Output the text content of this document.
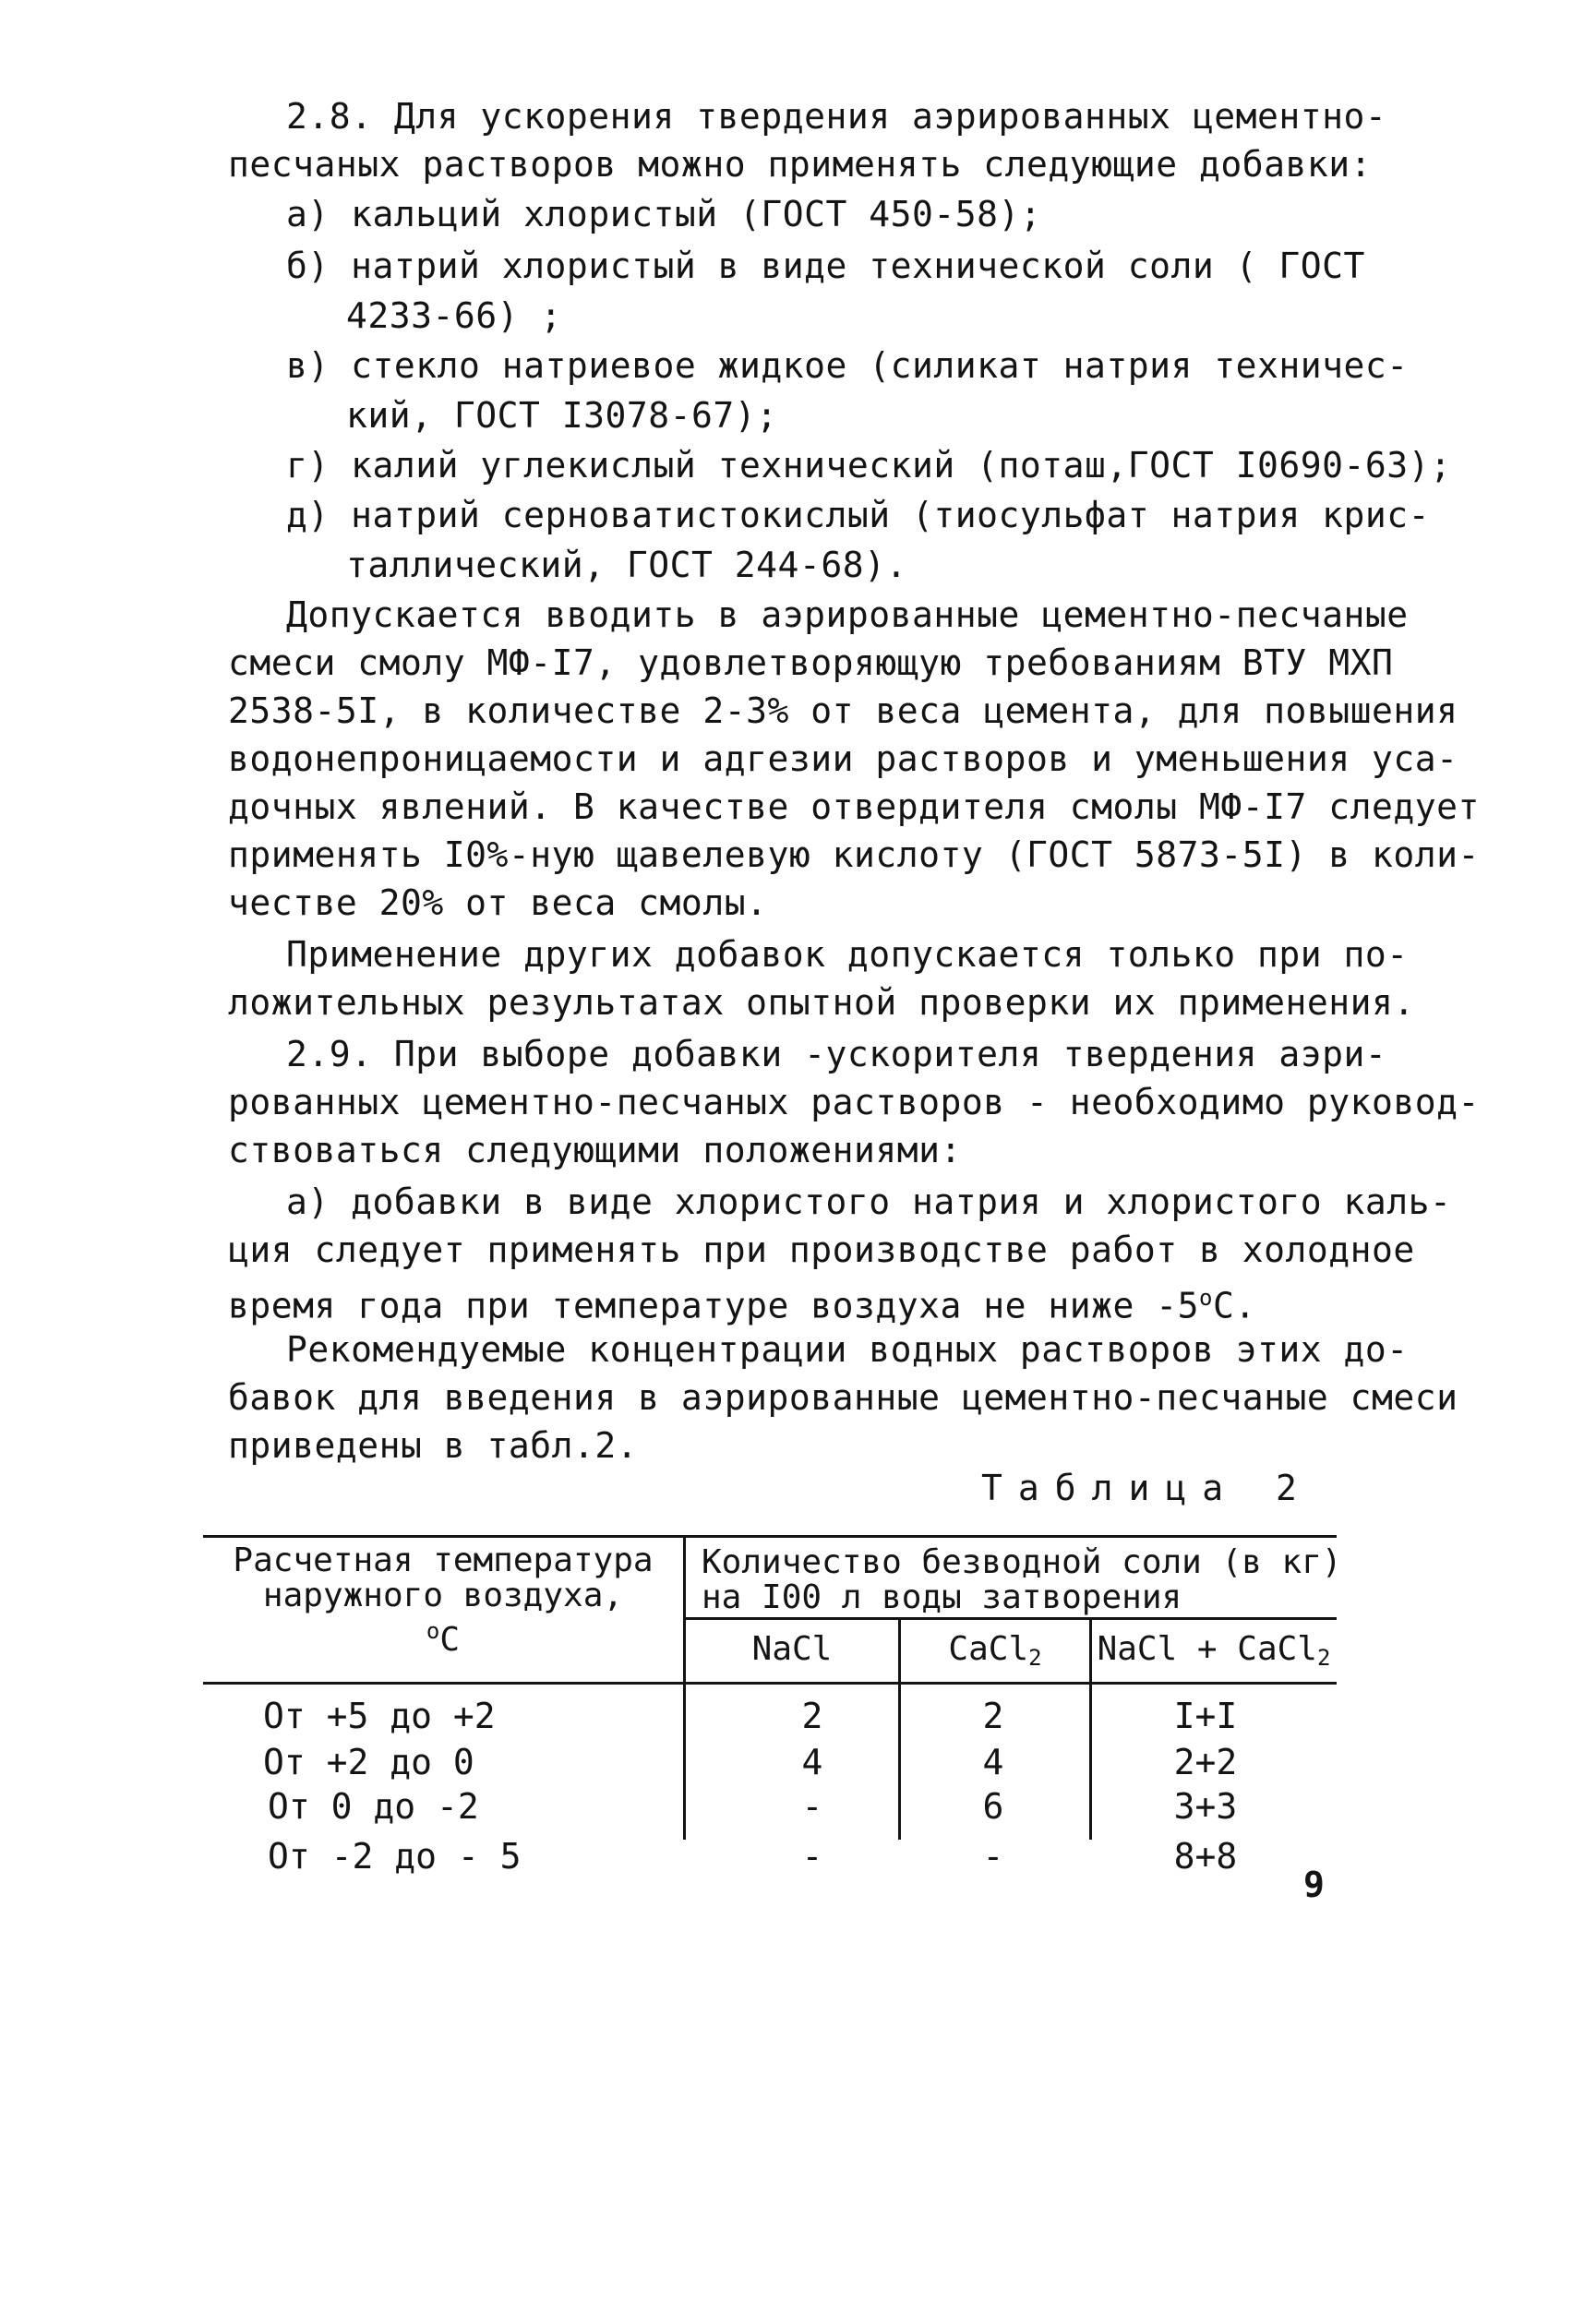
2.8. Для ускорения твердения аэрированных цементно-
песчаных растворов можно применять следующие добавки:
а) кальций хлористый (ГОСТ 450-58);
б) натрий хлористый в виде технической соли ( ГОСТ
4233-66) ;
в) стекло натриевое жидкое (силикат натрия техничес-
кий, ГОСТ I3078-67);
г) калий углекислый технический (поташ,ГОСТ I0690-63);
д) натрий серноватистокислый (тиосульфат натрия крис-
таллический, ГОСТ 244-68).
Допускается вводить в аэрированные цементно-песчаные
смеси смолу МФ-I7, удовлетворяющую требованиям ВТУ МХП
2538-5I, в количестве 2-3% от веса цемента, для повышения
водонепроницаемости и адгезии растворов и уменьшения уса-
дочных явлений. В качестве отвердителя смолы МФ-I7 следует
применять I0%-ную щавелевую кислоту (ГОСТ 5873-5I) в коли-
честве 20% от веса смолы.
Применение других добавок допускается только при по-
ложительных результатах опытной проверки их применения.
2.9. При выборе добавки -ускорителя твердения аэри-
рованных цементно-песчаных растворов - необходимо руковод-
ствоваться следующими положениями:
а) добавки в виде хлористого натрия и хлористого каль-
ция следует применять при производстве работ в холодное
время года при температуре воздуха не ниже $-5^оС$.
Рекомендуемые концентрации водных растворов этих до-
бавок для введения в аэрированные цементно-песчаные смеси
приведены в табл.2.
Таблица 2
Расчетная температура
наружного воздуха,
$^о$С
Количество безводной соли (в кг)
на I00 л воды затворения
NaCl	CaCl$_2$	NaCl + CaCl$_2$
От +5 до +2	2	2	I+I
От +2 до 0	4	4	2+2
От 0 до -2	-	6	3+3
От -2 до - 5	-	-	8+8
9
